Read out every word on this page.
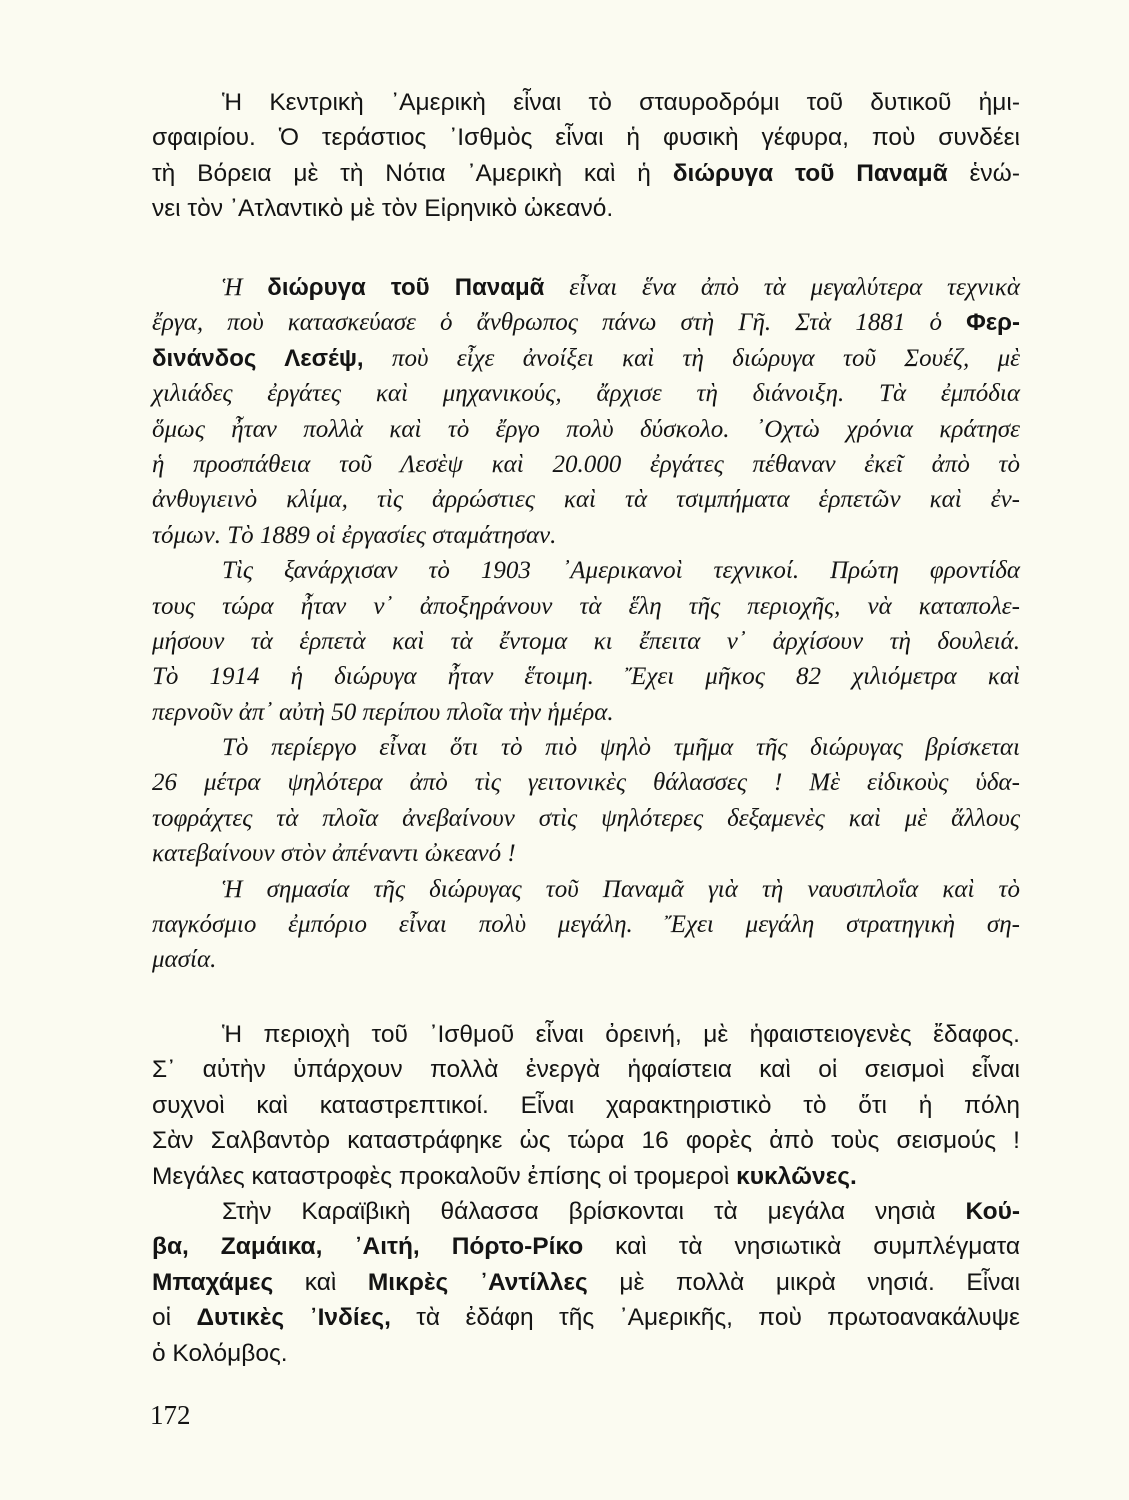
Ἡ Κεντρικὴ ᾿Αμερικὴ εἶναι τὸ σταυροδρόμι τοῦ δυτικοῦ ἡμι-
σφαιρίου. Ὁ τεράστιος ᾿Ισθμὸς εἶναι ἡ φυσικὴ γέφυρα, ποὺ συνδέει
τὴ Βόρεια μὲ τὴ Νότια ᾿Αμερικὴ καὶ ἡ διώρυγα τοῦ Παναμᾶ ἑνώ-
νει τὸν ᾿Ατλαντικὸ μὲ τὸν Εἰρηνικὸ ὠκεανό.
Ἡ διώρυγα τοῦ Παναμᾶ εἶναι ἕνα ἀπὸ τὰ μεγαλύτερα τεχνικὰ
ἔργα, ποὺ κατασκεύασε ὁ ἄνθρωπος πάνω στὴ Γῆ. Στὰ 1881 ὁ Φερ-
δινάνδος Λεσέψ, ποὺ εἶχε ἀνοίξει καὶ τὴ διώρυγα τοῦ Σουέζ, μὲ
χιλιάδες ἐργάτες καὶ μηχανικούς, ἄρχισε τὴ διάνοιξη. Τὰ ἐμπόδια
ὅμως ἦταν πολλὰ καὶ τὸ ἔργο πολὺ δύσκολο. ᾿Οχτὼ χρόνια κράτησε
ἡ προσπάθεια τοῦ Λεσὲψ καὶ 20.000 ἐργάτες πέθαναν ἐκεῖ ἀπὸ τὸ
ἀνθυγιεινὸ κλίμα, τὶς ἀρρώστιες καὶ τὰ τσιμπήματα ἑρπετῶν καὶ ἐν-
τόμων. Τὸ 1889 οἱ ἐργασίες σταμάτησαν.
Τὶς ξανάρχισαν τὸ 1903 ᾿Αμερικανοὶ τεχνικοί. Πρώτη φροντίδα
τους τώρα ἦταν ν᾿ ἀποξηράνουν τὰ ἕλη τῆς περιοχῆς, νὰ καταπολε-
μήσουν τὰ ἑρπετὰ καὶ τὰ ἔντομα κι ἔπειτα ν᾿ ἀρχίσουν τὴ δουλειά.
Τὸ 1914 ἡ διώρυγα ἦταν ἕτοιμη. Ἔχει μῆκος 82 χιλιόμετρα καὶ
περνοῦν ἀπ᾿ αὐτὴ 50 περίπου πλοῖα τὴν ἡμέρα.
Τὸ περίεργο εἶναι ὅτι τὸ πιὸ ψηλὸ τμῆμα τῆς διώρυγας βρίσκεται
26 μέτρα ψηλότερα ἀπὸ τὶς γειτονικὲς θάλασσες ! Μὲ εἰδικοὺς ὑδα-
τοφράχτες τὰ πλοῖα ἀνεβαίνουν στὶς ψηλότερες δεξαμενὲς καὶ μὲ ἄλλους
κατεβαίνουν στὸν ἀπέναντι ὠκεανό !
Ἡ σημασία τῆς διώρυγας τοῦ Παναμᾶ γιὰ τὴ ναυσιπλοΐα καὶ τὸ
παγκόσμιο ἐμπόριο εἶναι πολὺ μεγάλη. Ἔχει μεγάλη στρατηγικὴ ση-
μασία.
Ἡ περιοχὴ τοῦ ᾿Ισθμοῦ εἶναι ὀρεινή, μὲ ἡφαιστειογενὲς ἔδαφος.
Σ᾿ αὐτὴν ὑπάρχουν πολλὰ ἐνεργὰ ἡφαίστεια καὶ οἱ σεισμοὶ εἶναι
συχνοὶ καὶ καταστρεπτικοί. Εἶναι χαρακτηριστικὸ τὸ ὅτι ἡ πόλη
Σὰν Σαλβαντὸρ καταστράφηκε ὡς τώρα 16 φορὲς ἀπὸ τοὺς σεισμούς !
Μεγάλες καταστροφὲς προκαλοῦν ἐπίσης οἱ τρομεροὶ κυκλῶνες.
Στὴν Καραϊβικὴ θάλασσα βρίσκονται τὰ μεγάλα νησιὰ Κού-
βα, Ζαμάικα, ᾿Αιτή, Πόρτο-Ρίκο καὶ τὰ νησιωτικὰ συμπλέγματα
Μπαχάμες καὶ Μικρὲς ᾿Αντίλλες μὲ πολλὰ μικρὰ νησιά. Εἶναι
οἱ Δυτικὲς ᾿Ινδίες, τὰ ἐδάφη τῆς ᾿Αμερικῆς, ποὺ πρωτοανακάλυψε
ὁ Κολόμβος.
172
